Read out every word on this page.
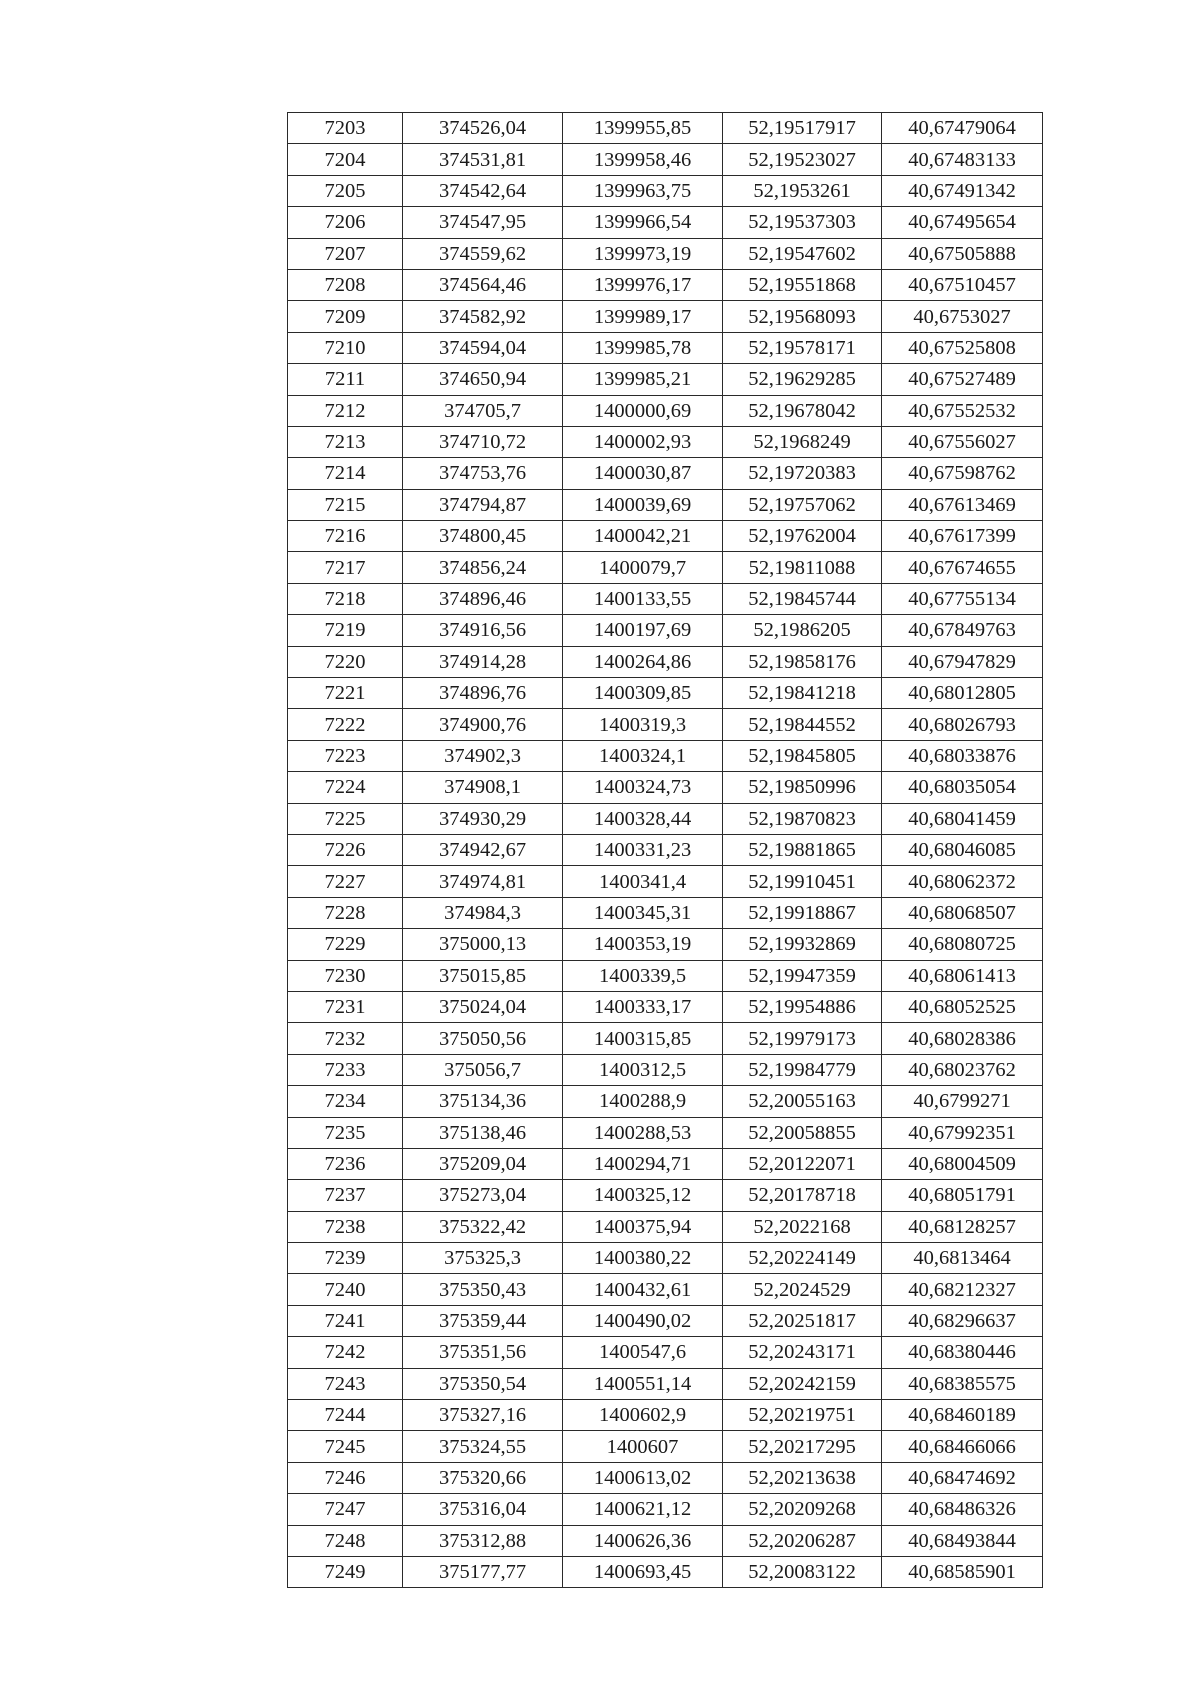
7203	374526,04	1399955,85	52,19517917	40,67479064
7204	374531,81	1399958,46	52,19523027	40,67483133
7205	374542,64	1399963,75	52,1953261	40,67491342
7206	374547,95	1399966,54	52,19537303	40,67495654
7207	374559,62	1399973,19	52,19547602	40,67505888
7208	374564,46	1399976,17	52,19551868	40,67510457
7209	374582,92	1399989,17	52,19568093	40,6753027
7210	374594,04	1399985,78	52,19578171	40,67525808
7211	374650,94	1399985,21	52,19629285	40,67527489
7212	374705,7	1400000,69	52,19678042	40,67552532
7213	374710,72	1400002,93	52,1968249	40,67556027
7214	374753,76	1400030,87	52,19720383	40,67598762
7215	374794,87	1400039,69	52,19757062	40,67613469
7216	374800,45	1400042,21	52,19762004	40,67617399
7217	374856,24	1400079,7	52,19811088	40,67674655
7218	374896,46	1400133,55	52,19845744	40,67755134
7219	374916,56	1400197,69	52,1986205	40,67849763
7220	374914,28	1400264,86	52,19858176	40,67947829
7221	374896,76	1400309,85	52,19841218	40,68012805
7222	374900,76	1400319,3	52,19844552	40,68026793
7223	374902,3	1400324,1	52,19845805	40,68033876
7224	374908,1	1400324,73	52,19850996	40,68035054
7225	374930,29	1400328,44	52,19870823	40,68041459
7226	374942,67	1400331,23	52,19881865	40,68046085
7227	374974,81	1400341,4	52,19910451	40,68062372
7228	374984,3	1400345,31	52,19918867	40,68068507
7229	375000,13	1400353,19	52,19932869	40,68080725
7230	375015,85	1400339,5	52,19947359	40,68061413
7231	375024,04	1400333,17	52,19954886	40,68052525
7232	375050,56	1400315,85	52,19979173	40,68028386
7233	375056,7	1400312,5	52,19984779	40,68023762
7234	375134,36	1400288,9	52,20055163	40,6799271
7235	375138,46	1400288,53	52,20058855	40,67992351
7236	375209,04	1400294,71	52,20122071	40,68004509
7237	375273,04	1400325,12	52,20178718	40,68051791
7238	375322,42	1400375,94	52,2022168	40,68128257
7239	375325,3	1400380,22	52,20224149	40,6813464
7240	375350,43	1400432,61	52,2024529	40,68212327
7241	375359,44	1400490,02	52,20251817	40,68296637
7242	375351,56	1400547,6	52,20243171	40,68380446
7243	375350,54	1400551,14	52,20242159	40,68385575
7244	375327,16	1400602,9	52,20219751	40,68460189
7245	375324,55	1400607	52,20217295	40,68466066
7246	375320,66	1400613,02	52,20213638	40,68474692
7247	375316,04	1400621,12	52,20209268	40,68486326
7248	375312,88	1400626,36	52,20206287	40,68493844
7249	375177,77	1400693,45	52,20083122	40,68585901
